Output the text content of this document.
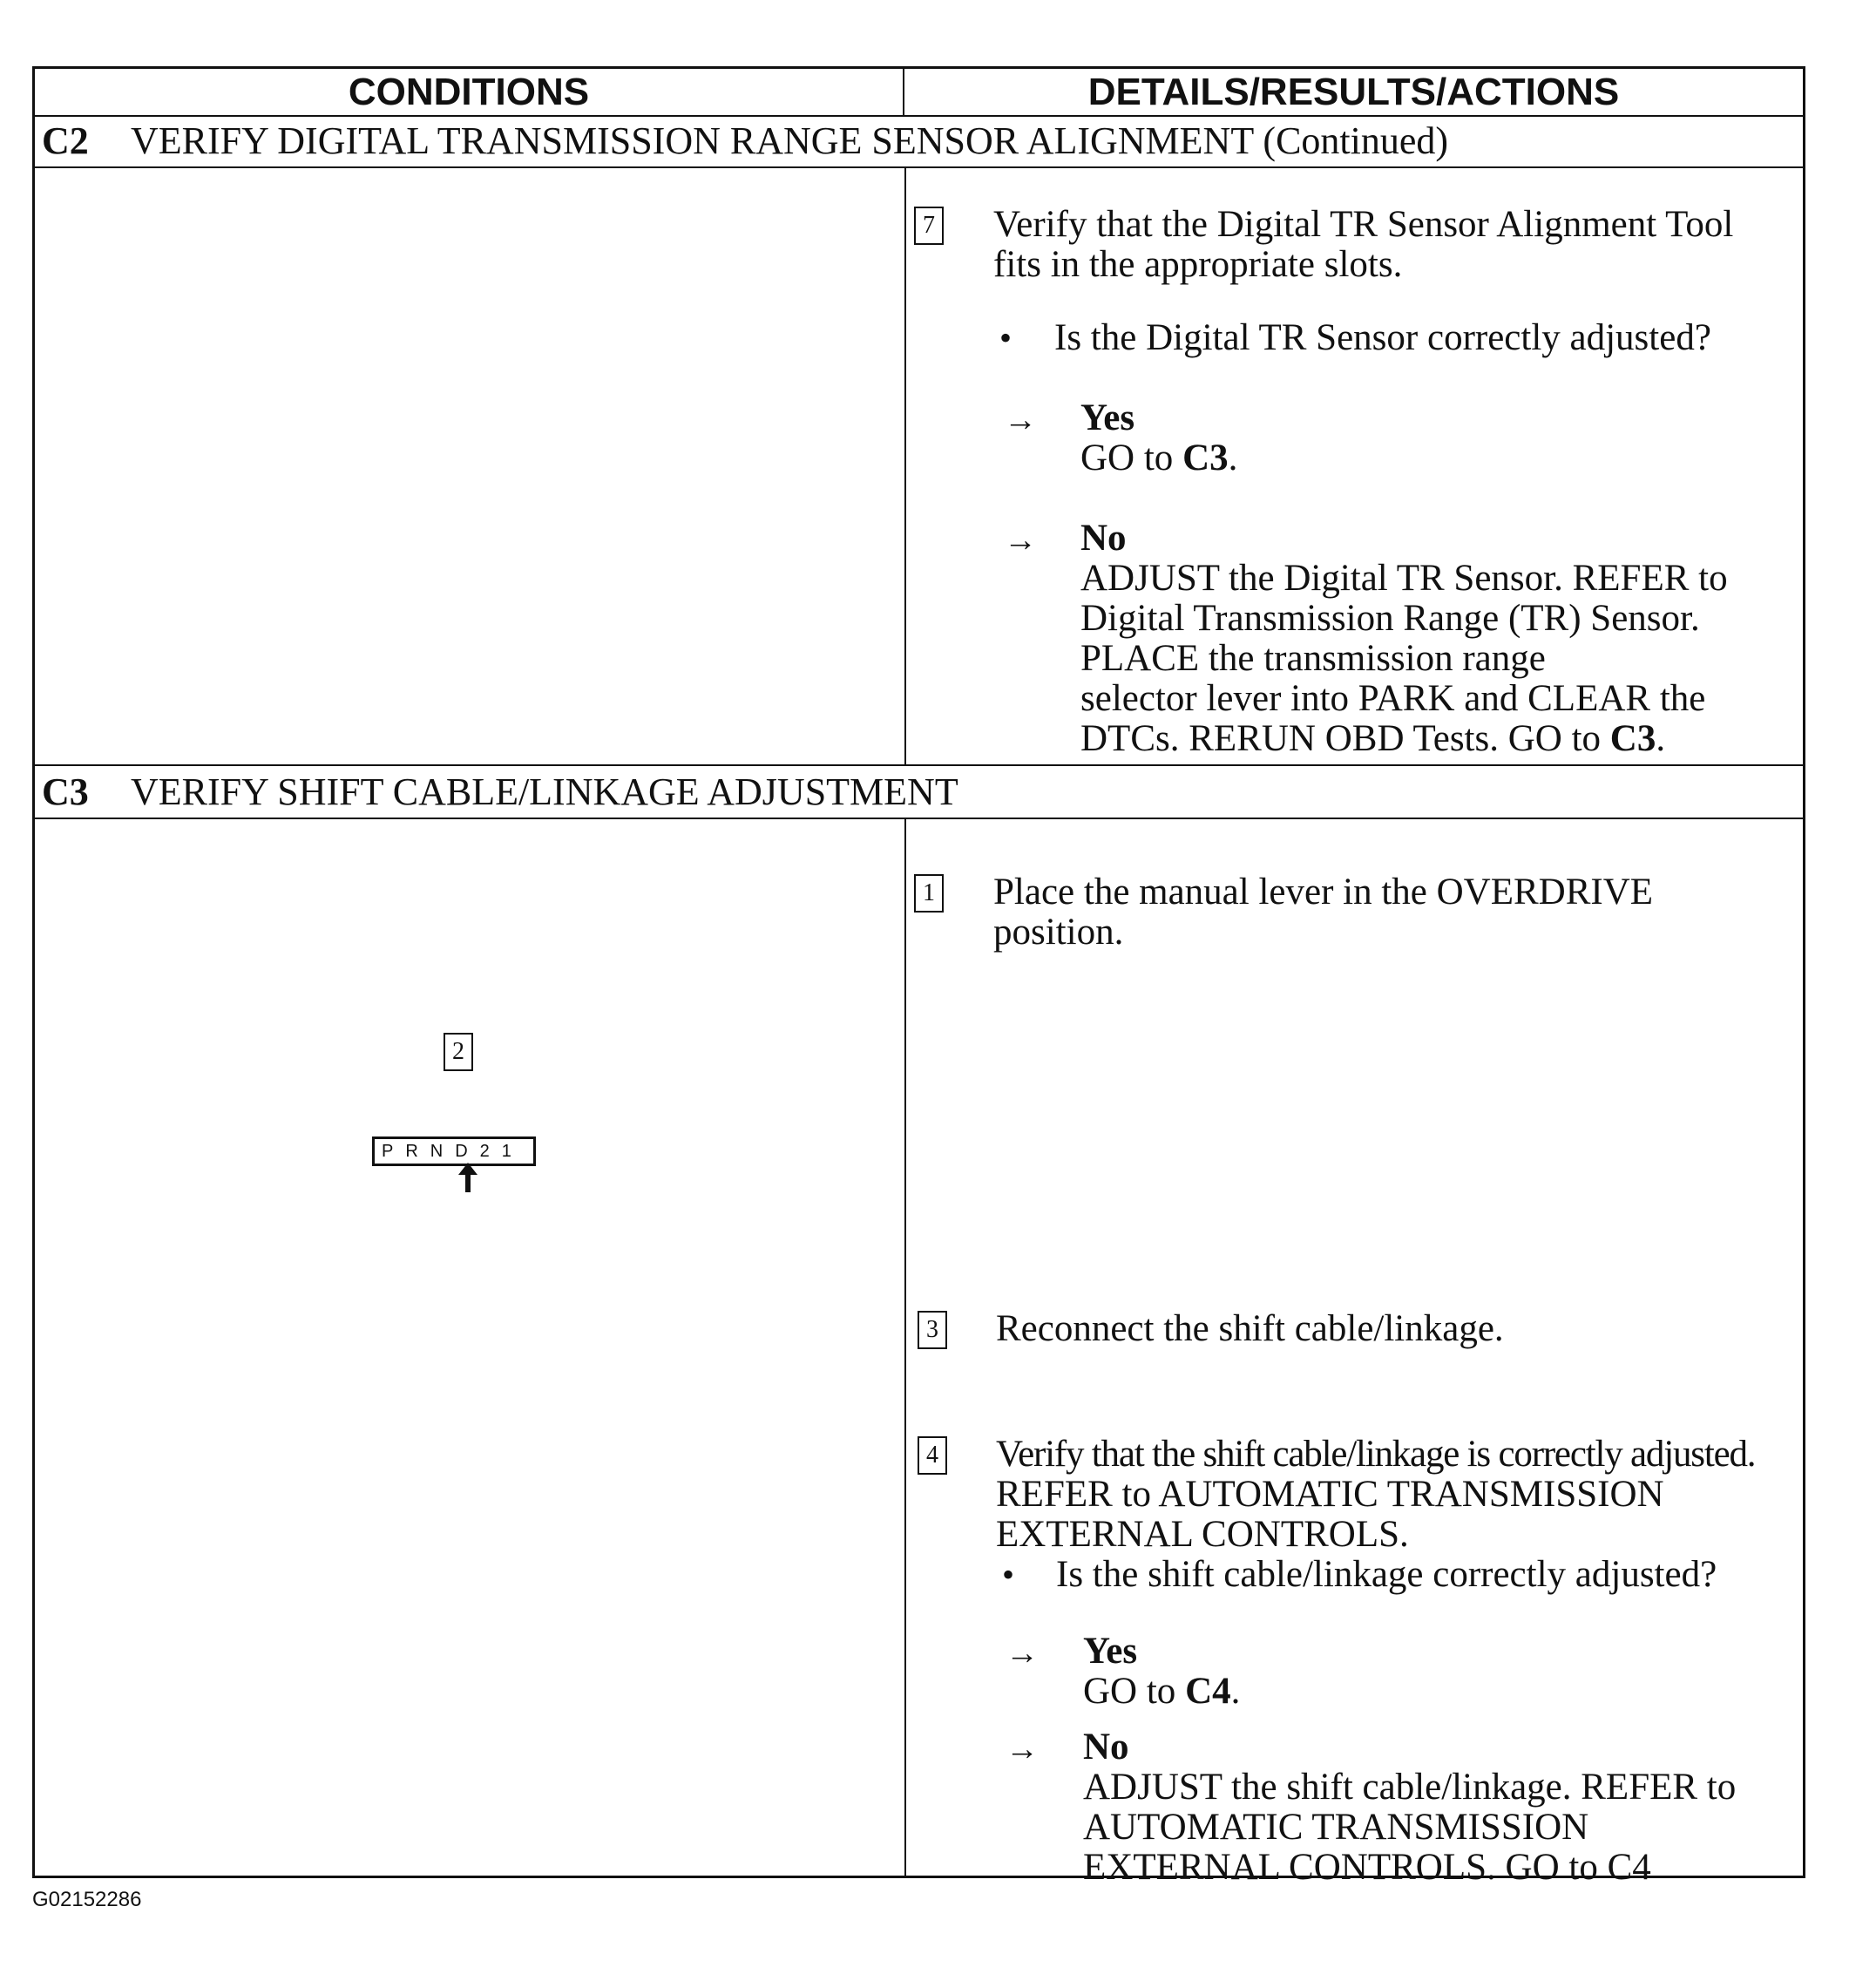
CONDITIONS	DETAILS/RESULTS/ACTIONS
C2 VERIFY DIGITAL TRANSMISSION RANGE SENSOR ALIGNMENT (Continued)
7 Verify that the Digital TR Sensor Alignment Tool
fits in the appropriate slots.
• Is the Digital TR Sensor correctly adjusted?
→ Yes
GO to C3.
→ No
ADJUST the Digital TR Sensor. REFER to
Digital Transmission Range (TR) Sensor.
PLACE the transmission range
selector lever into PARK and CLEAR the
DTCs. RERUN OBD Tests. GO to C3.
C3 VERIFY SHIFT CABLE/LINKAGE ADJUSTMENT
1 Place the manual lever in the OVERDRIVE
position.
2
3 Reconnect the shift cable/linkage.
4 Verify that the shift cable/linkage is correctly adjusted.
REFER to AUTOMATIC TRANSMISSION
EXTERNAL CONTROLS.
• Is the shift cable/linkage correctly adjusted?
→ Yes
GO to C4.
→ No
ADJUST the shift cable/linkage. REFER to
AUTOMATIC TRANSMISSION
EXTERNAL CONTROLS. GO to C4
PRND21
G02152286
